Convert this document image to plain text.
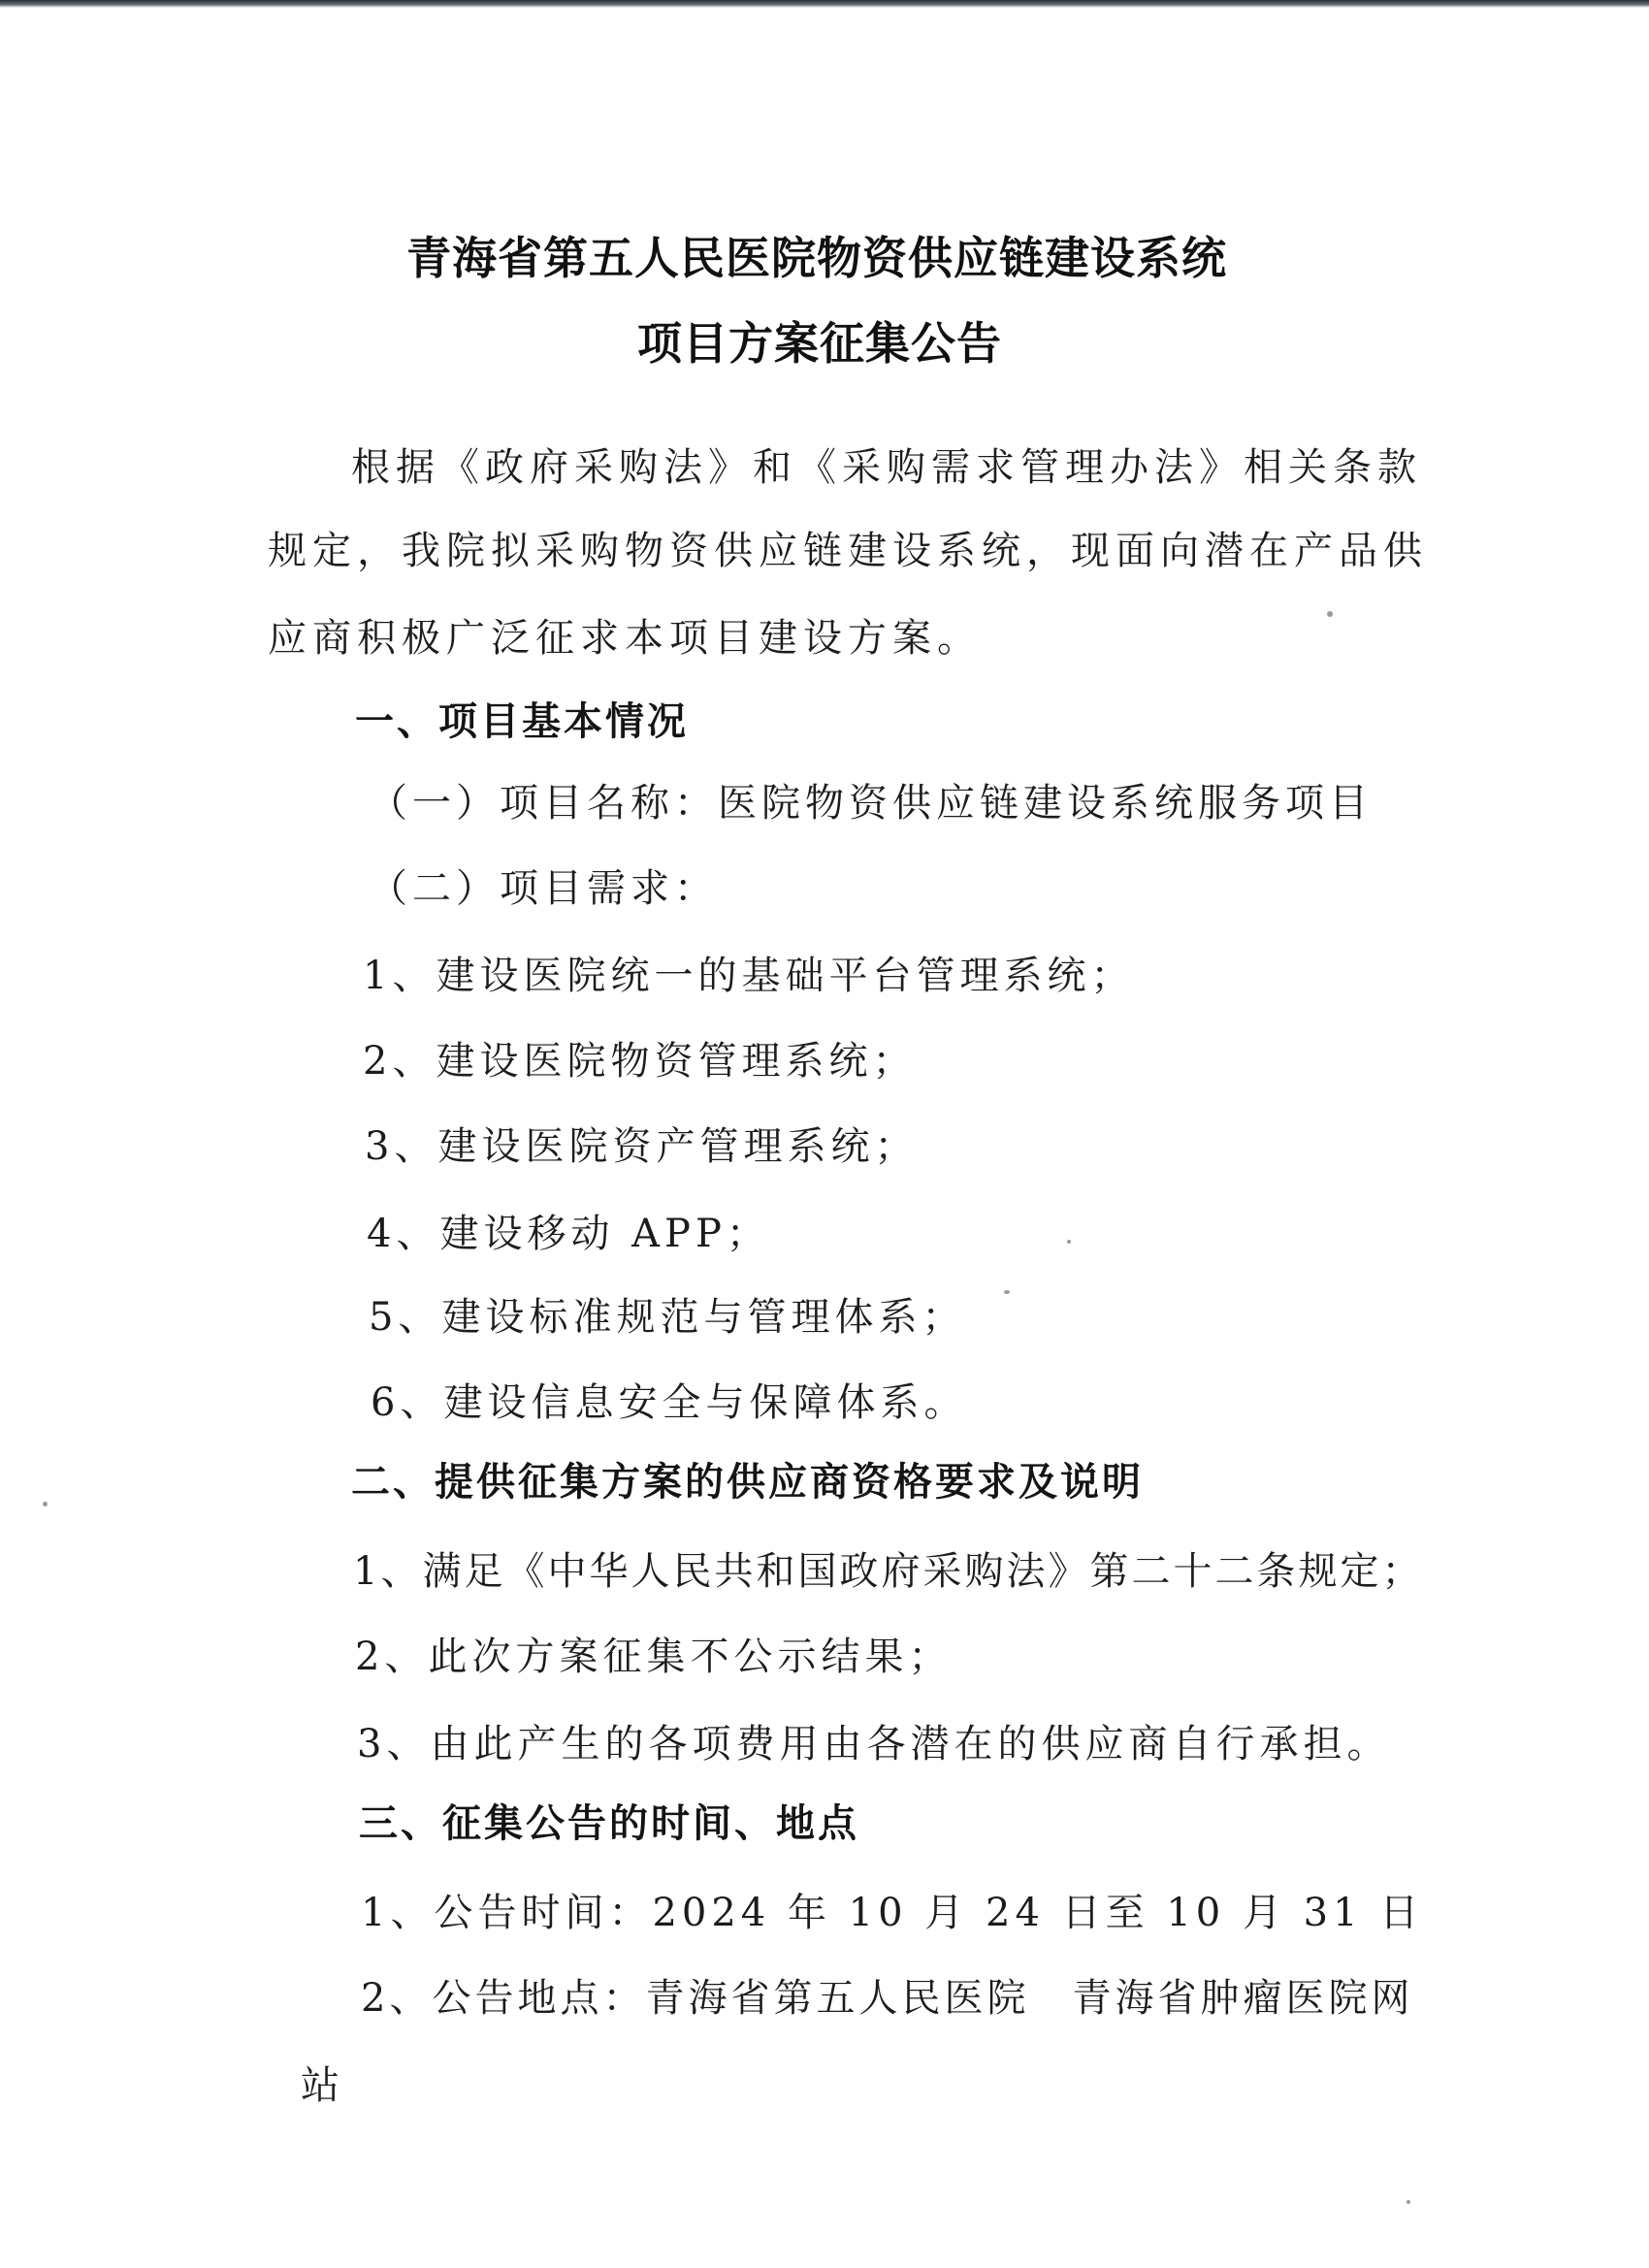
青海省第五人民医院物资供应链建设系统
项目方案征集公告
根据《政府采购法》和《采购需求管理办法》相关条款
规定，我院拟采购物资供应链建设系统，现面向潜在产品供
应商积极广泛征求本项目建设方案。
一、项目基本情况
（一）项目名称：医院物资供应链建设系统服务项目
（二）项目需求：
1、建设医院统一的基础平台管理系统；
2、建设医院物资管理系统；
3、建设医院资产管理系统；
4、建设移动 APP；
5、建设标准规范与管理体系；
6、建设信息安全与保障体系。
二、提供征集方案的供应商资格要求及说明
1、满足《中华人民共和国政府采购法》第二十二条规定；
2、此次方案征集不公示结果；
3、由此产生的各项费用由各潜在的供应商自行承担。
三、征集公告的时间、地点
1、公告时间：2024 年 10 月 24 日至 10 月 31 日
2、公告地点：青海省第五人民医院　青海省肿瘤医院网
站
